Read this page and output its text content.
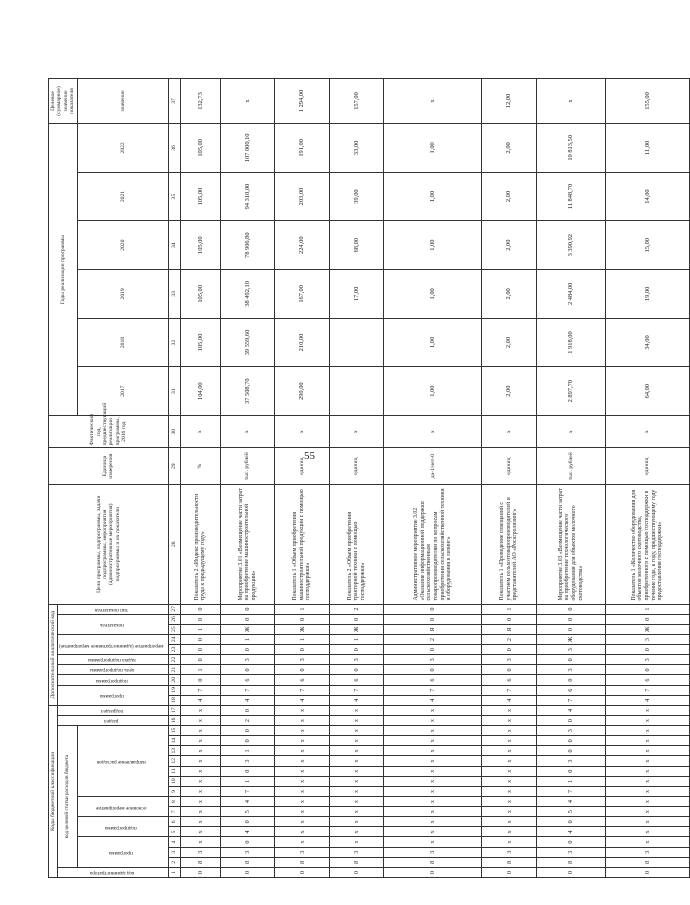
55
Коды бюджетной классификации																	Дополнительный аналитический код										Цели программы, подпрограммы, задачи подпрограммы, мероприятия (административные мероприятия) подпрограммы и их показатели	Единица измерения	Фактический год, предшествующий реализации программы, 2016 год	Годы реализации программы						Целевое (суммарное) значение показателя
код администратора	код целевой статьи расходов бюджета														раздел	подраздел	программа		подпрограмма	цель подпрограммы	задача подпрограммы	мероприятие (административное мероприятие)		показатель		тип показателя										
	программа			подпрограмма		основное мероприятие		направление расходов																						2017	2018	2019	2020	2021	2022	значение

1	2	3	4	5	6	7	8	9	10	11	12	13	14	15	16	17	18	19	20	21	22	23	24	25	26	27	28	29	30	31	32	33	34	35	36	37
0	8	3	х	х	х	х	х	х	х	х	х	х	х	х	х	х	4	7	0	1	0	0	0	1	0	0	Показатель 2 «Индекс производительности труда к предыдущему году»	%	х	104,00	105,00	105,00	105,00	105,00	105,00	132,73
0	8	3	0	4	0	5	4	7	1	0	3	1	0	0	2	0	4	7	6	0	3	0	1	Ж	0	0	Мероприятие 3.01 «Возмещение части затрат на приобретение машиностроительной продукции»	тыс. рублей	х	37 508,70	39 559,60	38 492,10	78 906,80	94 310,00	107 000,10	х
0	8	3	х	х	х	х	х	х	х	х	х	х	х	х	х	х	4	7	6	0	3	0	1	Ж	0	1	Показатель 1 «Объем приобретения машиностроительной продукции с помощью господдержки»	единиц	х	290,00	210,00	167,00	224,00	203,00	191,00	1 294,00
0	8	3	х	х	х	х	х	х	х	х	х	х	х	х	х	х	4	7	6	0	3	0	1	Ж	0	2	Показатель 2 «Объем приобретения тракторной техники с помощью господдержки»	единиц	х			17,00	68,00	39,00	33,00	157,00
0	8	3	х	х	х	х	х	х	х	х	х	х	х	х	х	х	4	7	6	0	3	0	2	Я	0	0	Административное мероприятие 3.02 «Оказание информационной поддержки сельскохозяйственным товаропроизводителям по вопросам приобретения сельскохозяйственной техники и оборудования в лизинг»	да-1/нет-0	х	1,00	1,00	1,00	1,00	1,00	1,00	х
0	8	3	х	х	х	х	х	х	х	х	х	х	х	х	х	х	4	7	6	0	3	0	2	Я	0	1	Показатель 1 «Проведение совещаний с участием сельхозтоваропроизводителей и представителей АО «Росагролизинг»	единиц	х	2,00	2,00	2,00	2,00	2,00	2,00	12,00
0	8	3	0	4	0	5	4	7	1	0	3	0	0	3	0	4	7	6	0	3	0	3	Ж	0	0	0	Мероприятие 3.03 «Возмещение части затрат на приобретение технологического оборудования для объектов молочного скотоводства»	тыс. рублей	х	2 897,70	1 918,00	2 484,00	3 390,92	11 848,70	10 813,50	х
0	8	3	х	х	х	х	х	х	х	х	х	х	х	х	х	х	4	7	6	0	3	0	3	Ж	0	1	Показатель 1 «Количество оборудования для объектов молочного скотоводства, приобретенного с помощью господдержки в течение года, к году, предшествующему году предоставления господдержки»	единиц	х	64,00	34,00	19,00	15,00	14,00	11,00	155,00
